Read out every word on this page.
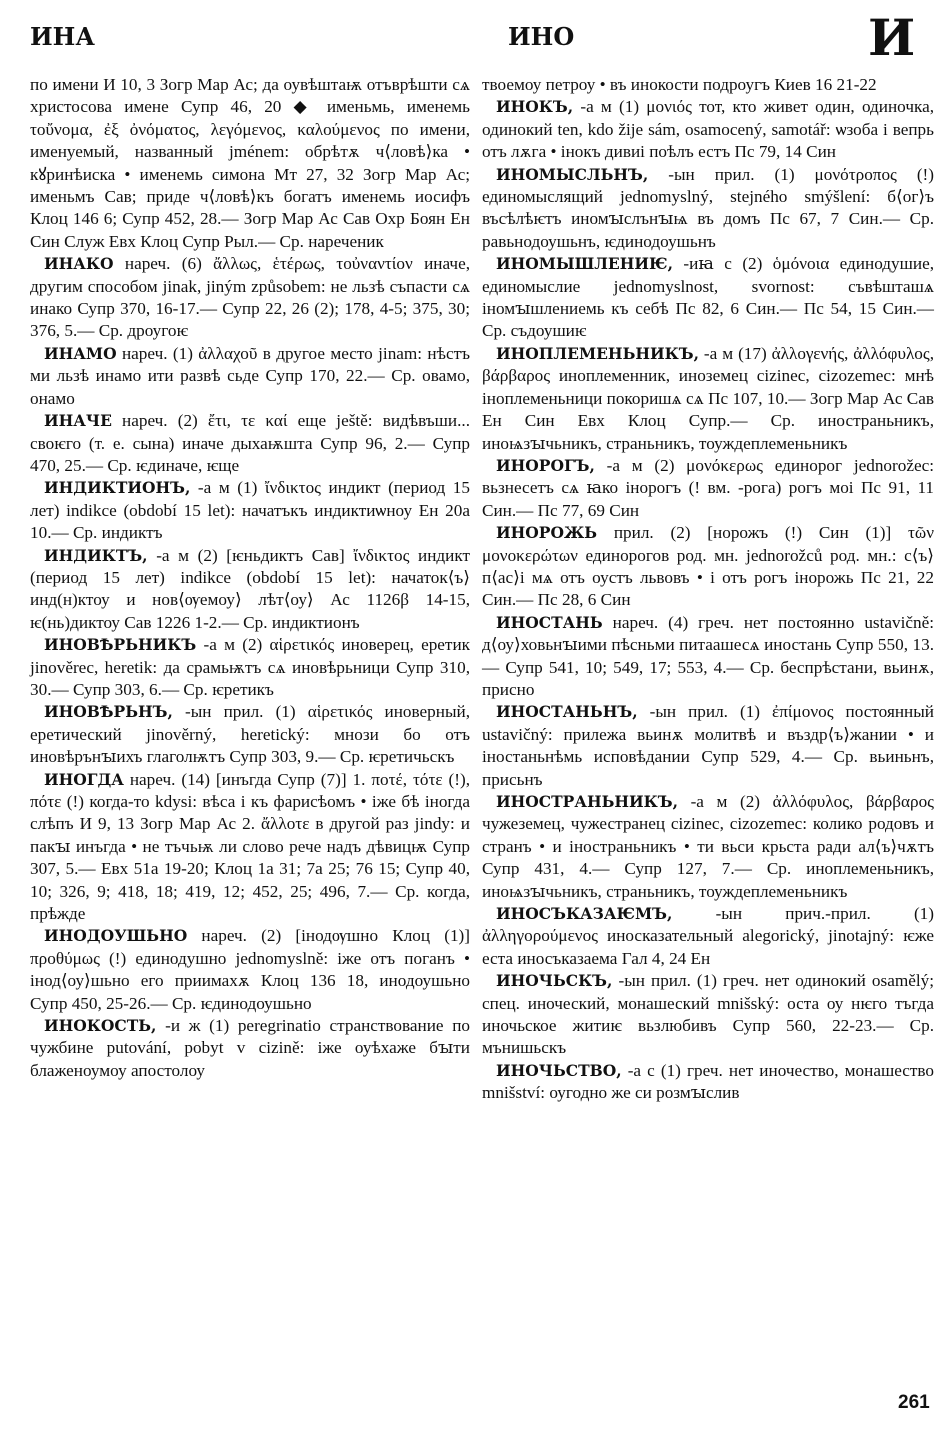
ИНА	ИНО	И

по имени И 10, 3 Зогр Мар Ас; да оувѣштаѭ отъврѣшти сѧ христосова имене Супр 46, 20 ◆ именьмь, именемь τοὔνομα, ἐξ ὀνόματος, λεγόμενος, καλούμενος по имени, именуемый, названный jménem: обрѣтѫ ч⟨ловѣ⟩ка • кꙋринѣиска • именемь симона Мт 27, 32 Зогр Мар Ас; именьмъ Сав; приде ч⟨ловѣ⟩къ богатъ именемь иосифъ Клоц 146 6; Супр 452, 28.— Зогр Мар Ас Сав Охр Боян Ен Син Служ Евх Клоц Супр Рыл.— Ср. нареченик

ИНАКО нареч. (6) ἄλλως, ἑτέρως, τοὐναντίον иначе, другим способом jinak, jiným způsobem: не льзѣ съпасти сѧ инако Супр 370, 16-17.— Супр 22, 26 (2); 178, 4-5; 375, 30; 376, 5.— Ср. дроугоѥ

ИНАМО нареч. (1) ἀλλαχοῦ в другое место jinam: нѣстъ ми льзѣ инамо ити развѣ сьде Супр 170, 22.— Ср. овамо, онамо

ИНАЧЕ нареч. (2) ἔτι, τε καί еще ještě: видѣвъши... своѥго (т. е. сына) иначе дыхаѭшта Супр 96, 2.— Супр 470, 25.— Ср. ѥдиначе, ѥще

ИНДИКТИОНЪ, -а м (1) ἴνδικτος индикт (период 15 лет) indikce (období 15 let): начатъкъ индиктиѡноу Ен 20а 10.— Ср. индиктъ

ИНДИКТЪ, -а м (2) [ѥньдиктъ Сав] ἴνδικτος индикт (период 15 лет) indikce (období 15 let): начаток⟨ъ⟩ инд(н)ктоу и нов⟨ѹемоу⟩ лѣт⟨оу⟩ Ас 1126β 14-15, ѥ(нь)диктоу Сав 1226 1-2.— Ср. индиктионъ

ИНОВѢРЬНИКЪ -а м (2) αἱρετικός иноверец, еретик jinověrec, heretik: да срамьѭтъ сѧ иновѣрьници Супр 310, 30.— Супр 303, 6.— Ср. ѥретикъ

ИНОВѢРЬНЪ, -ын прил. (1) αἱρετικός иноверный, еретический jinověrný, heretický: мнози бо отъ иновѣрънꙑихъ глаголѭтъ Супр 303, 9.— Ср. ѥретичьскъ

ИНОГДА нареч. (14) [инъгда Супр (7)] 1. ποτέ, τότε (!), πότε (!) когда-то kdysi: вѣса і къ фарисѣомъ • іже бѣ іногда слѣпъ И 9, 13 Зогр Мар Ас 2. ἄλλοτε в другой раз jindy: и пакꙑ инъгда • не тъчьѭ ли слово рече надъ дѣвицѭ Супр 307, 5.— Евх 51а 19-20; Клоц 1а 31; 7а 25; 76 15; Супр 40, 10; 326, 9; 418, 18; 419, 12; 452, 25; 496, 7.— Ср. когда, прѣжде

ИНОДОУШЬНО нареч. (2) [інодѹшно Клоц (1)] προθύμως (!) единодушно jednomyslně: іже отъ поганъ • інод⟨оу⟩шьно его приимахѫ Клоц 136 18, инодоушьно Супр 450, 25-26.— Ср. ѥдинодоушьно

ИНОКОСТЬ, -и ж (1) peregrinatio странствование по чужбине putování, pobyt v cizině: іже оуѣхаже бꙑти блаженоумоу апостолоу

твоемоу петроу • въ инокости подроугъ Киев 16 21-22

ИНОКЪ, -а м (1) μονιός тот, кто живет один, одиночка, одинокий ten, kdo žije sám, osamocený, samotář: ѡзоба і вепрь отъ лѫга • інокъ дивиі поѣлъ естъ Пс 79, 14 Син

ИНОМЫСЛЬНЪ, -ын прил. (1) μονότροπος (!) единомыслящий jednomyslný, stejného smýšlení: б⟨ог⟩ъ въсѣлѣѥтъ иномꙑслънꙑѩ въ домъ Пс 67, 7 Син.— Ср. равьнодоушьнъ, ѥдинодоушьнъ

ИНОМЫШЛЕНИѤ, -иꙗ с (2) ὁμόνοια единодушие, единомыслие jednomyslnost, svornost: съвѣшташѧ іномꙑшлениемь къ себѣ Пс 82, 6 Син.— Пс 54, 15 Син.— Ср. съдоушиѥ

ИНОПЛЕМЕНЬНИКЪ, -а м (17) ἀλλογενής, ἀλλόφυλος, βάρβαρος иноплеменник, иноземец cizinec, cizozemec: мнѣ іноплеменьници покоришѧ сѧ Пс 107, 10.— Зогр Мар Ас Сав Ен Син Евх Клоц Супр.— Ср. иностраньникъ, иноѩзꙑчьникъ, страньникъ, тоуждеплеменьникъ

ИНОРОГЪ, -а м (2) μονόκερως единорог jednorožec: вьзнесетъ сѧ ꙗко інорогъ (! вм. -рога) рогъ моі Пс 91, 11 Син.— Пс 77, 69 Син

ИНОРОЖЬ прил. (2) [норожъ (!) Син (1)] τῶν μονοκερώτων единорогов род. мн. jednorožců род. мн.: с⟨ъ⟩п⟨ас⟩і мѧ отъ оустъ львовъ • і отъ рогъ інорожь Пс 21, 22 Син.— Пс 28, 6 Син

ИНОСТАНЬ нареч. (4) греч. нет постоянно ustavičně: д⟨оу⟩ховьнꙑими пѣсньми питаашесѧ иностань Супр 550, 13.— Супр 541, 10; 549, 17; 553, 4.— Ср. беспрѣстани, вьинѫ, присно

ИНОСТАНЬНЪ, -ын прил. (1) ἐπίμονος постоянный ustavičný: прилежа вьинѫ молитвѣ и въздр⟨ъ⟩жании • и іностаньнѣмь исповѣдании Супр 529, 4.— Ср. вьиньнъ, присьнъ

ИНОСТРАНЬНИКЪ, -а м (2) ἀλλόφυλος, βάρβαρος чужеземец, чужестранец cizinec, cizozemec: колико родовъ и странъ • и іностраньникъ • ти вьси крьста ради ал⟨ъ⟩чѫтъ Супр 431, 4.— Супр 127, 7.— Ср. иноплеменьникъ, иноѩзꙑчьникъ, страньникъ, тоуждеплеменьникъ

ИНОСЪКАЗАѤМЪ, -ын прич.-прил. (1) ἀλληγορούμενος иносказательный alegorický, jinotajný: ѥже еста иносъказаема Гал 4, 24 Ен

ИНОЧЬСКЪ, -ын прил. (1) греч. нет одинокий osamělý; спец. иноческий, монашеский mnišský: оста оу нѥго тъгда иночьское житиѥ вьзлюбивъ Супр 560, 22-23.— Ср. мънишьскъ

ИНОЧЬСТВО, -а с (1) греч. нет иночество, монашество mnišství: оугодно же си розмꙑслив

261
